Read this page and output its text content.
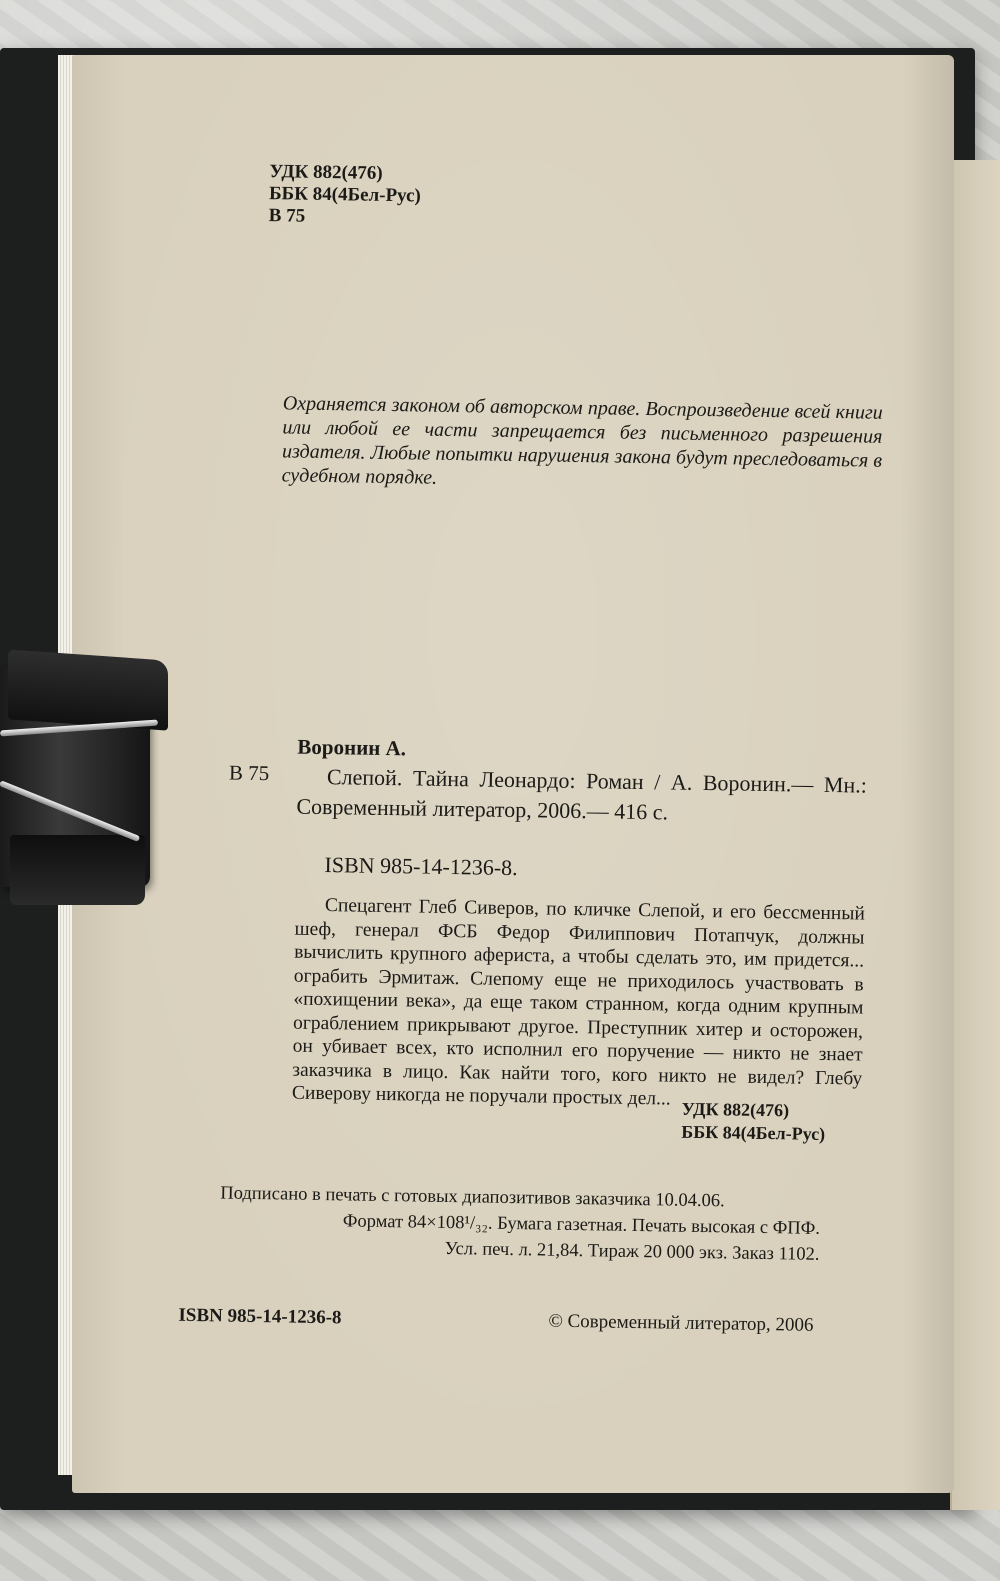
УДК 882(476)
ББК 84(4Бел-Рус)
В 75
Охраняется законом об авторском праве. Воспроизведение всей книги или любой ее части запрещается без письменного разрешения издателя. Любые попытки нарушения закона будут преследоваться в судебном порядке.
Воронин А.
В 75	Слепой. Тайна Леонардо: Роман / А. Воронин.— Мн.: Современный литератор, 2006.— 416 с.
ISBN 985-14-1236-8.
Спецагент Глеб Сиверов, по кличке Слепой, и его бессменный шеф, генерал ФСБ Федор Филиппович Потапчук, должны вычислить крупного афериста, а чтобы сделать это, им придется... ограбить Эрмитаж. Слепому еще не приходилось участвовать в «похищении века», да еще таком странном, когда одним крупным ограблением прикрывают другое. Преступник хитер и осторожен, он убивает всех, кто исполнил его поручение — никто не знает заказчика в лицо. Как найти того, кого никто не видел? Глебу Сиверову никогда не поручали простых дел...
УДК 882(476)
ББК 84(4Бел-Рус)
Подписано в печать с готовых диапозитивов заказчика 10.04.06.
Формат 84×108¹/₃₂. Бумага газетная. Печать высокая с ФПФ.
Усл. печ. л. 21,84. Тираж 20 000 экз. Заказ 1102.
ISBN 985-14-1236-8	© Современный литератор, 2006
